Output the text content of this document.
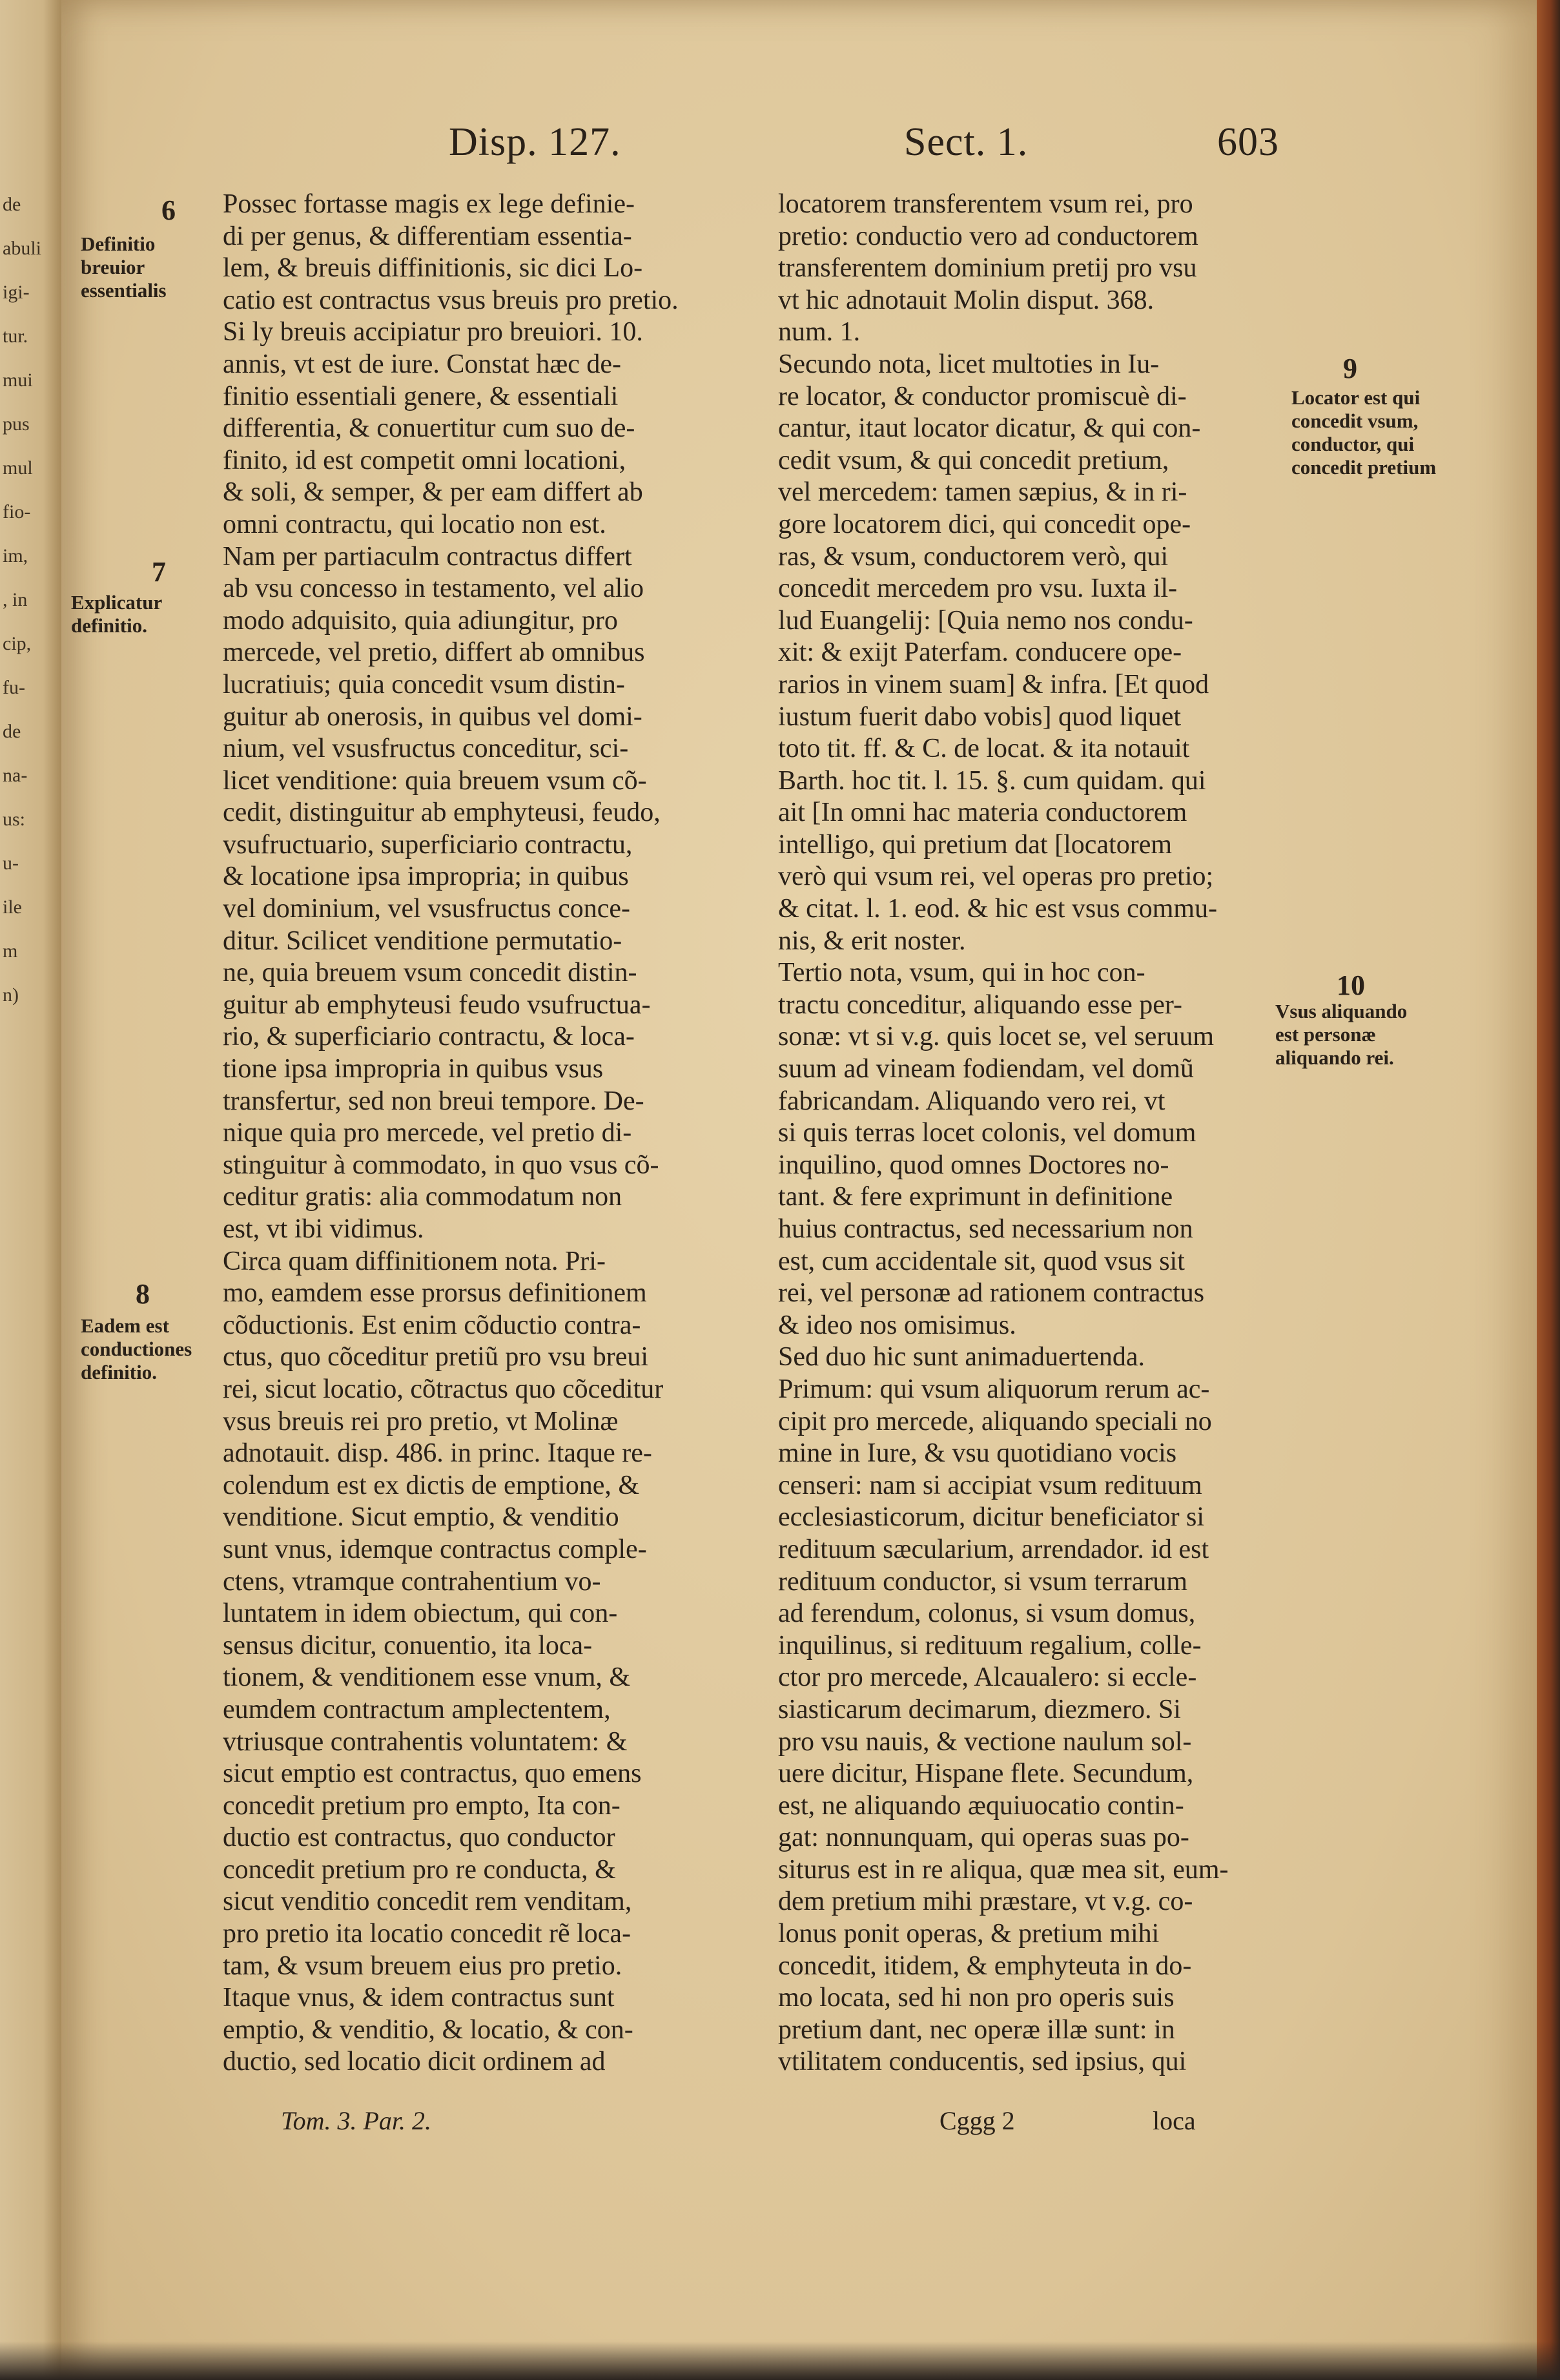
de
abuli
igi-
tur.
mui
pus
mul
fio-
im,
, in
cip,
fu-
de
na-
us:
u-
ile
m
n)
Disp. 127.	Sect. 1.	603
6
Definitio breuior essentialis
7
Explicatur definitio.
8
Eadem est conductiones definitio.
9
Locator est qui concedit vsum, conductor, qui concedit pretium
10
Vsus aliquando est personæ aliquando rei.
Possec fortasse magis ex lege definie-
di per genus, & differentiam essentia-
lem, & breuis diffinitionis, sic dici Lo-
catio est contractus vsus breuis pro pretio.
Si ly breuis accipiatur pro breuiori. 10.
annis, vt est de iure. Constat hæc de-
finitio essentiali genere, & essentiali
differentia, & conuertitur cum suo de-
finito, id est competit omni locationi,
& soli, & semper, & per eam differt ab
omni contractu, qui locatio non est.
Nam per partiaculm contractus differt
ab vsu concesso in testamento, vel alio
modo adquisito, quia adiungitur, pro
mercede, vel pretio, differt ab omnibus
lucratiuis; quia concedit vsum distin-
guitur ab onerosis, in quibus vel domi-
nium, vel vsusfructus conceditur, sci-
licet venditione: quia breuem vsum cõ-
cedit, distinguitur ab emphyteusi, feudo,
vsufructuario, superficiario contractu,
& locatione ipsa impropria; in quibus
vel dominium, vel vsusfructus conce-
ditur. Scilicet venditione permutatio-
ne, quia breuem vsum concedit distin-
guitur ab emphyteusi feudo vsufructua-
rio, & superficiario contractu, & loca-
tione ipsa impropria in quibus vsus
transfertur, sed non breui tempore. De-
nique quia pro mercede, vel pretio di-
stinguitur à commodato, in quo vsus cõ-
ceditur gratis: alia commodatum non
est, vt ibi vidimus.
Circa quam diffinitionem nota. Pri-
mo, eamdem esse prorsus definitionem
cõductionis. Est enim cõductio contra-
ctus, quo cõceditur pretiũ pro vsu breui
rei, sicut locatio, cõtractus quo cõceditur
vsus breuis rei pro pretio, vt Molinæ
adnotauit. disp. 486. in princ. Itaque re-
colendum est ex dictis de emptione, &
venditione. Sicut emptio, & venditio
sunt vnus, idemque contractus comple-
ctens, vtramque contrahentium vo-
luntatem in idem obiectum, qui con-
sensus dicitur, conuentio, ita loca-
tionem, & venditionem esse vnum, &
eumdem contractum amplectentem,
vtriusque contrahentis voluntatem: &
sicut emptio est contractus, quo emens
concedit pretium pro empto, Ita con-
ductio est contractus, quo conductor
concedit pretium pro re conducta, &
sicut venditio concedit rem venditam,
pro pretio ita locatio concedit rẽ loca-
tam, & vsum breuem eius pro pretio.
Itaque vnus, & idem contractus sunt
emptio, & venditio, & locatio, & con-
ductio, sed locatio dicit ordinem ad
locatorem transferentem vsum rei, pro
pretio: conductio vero ad conductorem
transferentem dominium pretij pro vsu
vt hic adnotauit Molin disput. 368.
num. 1.
Secundo nota, licet multoties in Iu-
re locator, & conductor promiscuè di-
cantur, itaut locator dicatur, & qui con-
cedit vsum, & qui concedit pretium,
vel mercedem: tamen sæpius, & in ri-
gore locatorem dici, qui concedit ope-
ras, & vsum, conductorem verò, qui
concedit mercedem pro vsu. Iuxta il-
lud Euangelij: [Quia nemo nos condu-
xit: & exijt Paterfam. conducere ope-
rarios in vinem suam] & infra. [Et quod
iustum fuerit dabo vobis] quod liquet
toto tit. ff. & C. de locat. & ita notauit
Barth. hoc tit. l. 15. §. cum quidam. qui
ait [In omni hac materia conductorem
intelligo, qui pretium dat [locatorem
verò qui vsum rei, vel operas pro pretio;
& citat. l. 1. eod. & hic est vsus commu-
nis, & erit noster.
Tertio nota, vsum, qui in hoc con-
tractu conceditur, aliquando esse per-
sonæ: vt si v.g. quis locet se, vel seruum
suum ad vineam fodiendam, vel domũ
fabricandam. Aliquando vero rei, vt
si quis terras locet colonis, vel domum
inquilino, quod omnes Doctores no-
tant. & fere exprimunt in definitione
huius contractus, sed necessarium non
est, cum accidentale sit, quod vsus sit
rei, vel personæ ad rationem contractus
& ideo nos omisimus.
Sed duo hic sunt animaduertenda.
Primum: qui vsum aliquorum rerum ac-
cipit pro mercede, aliquando speciali no
mine in Iure, & vsu quotidiano vocis
censeri: nam si accipiat vsum redituum
ecclesiasticorum, dicitur beneficiator si
redituum sæcularium, arrendador. id est
redituum conductor, si vsum terrarum
ad ferendum, colonus, si vsum domus,
inquilinus, si redituum regalium, colle-
ctor pro mercede, Alcaualero: si eccle-
siasticarum decimarum, diezmero. Si
pro vsu nauis, & vectione naulum sol-
uere dicitur, Hispane flete. Secundum,
est, ne aliquando æquiuocatio contin-
gat: nonnunquam, qui operas suas po-
siturus est in re aliqua, quæ mea sit, eum-
dem pretium mihi præstare, vt v.g. co-
lonus ponit operas, & pretium mihi
concedit, itidem, & emphyteuta in do-
mo locata, sed hi non pro operis suis
pretium dant, nec operæ illæ sunt: in
vtilitatem conducentis, sed ipsius, qui
Tom. 3. Par. 2.	Cggg 2	loca
